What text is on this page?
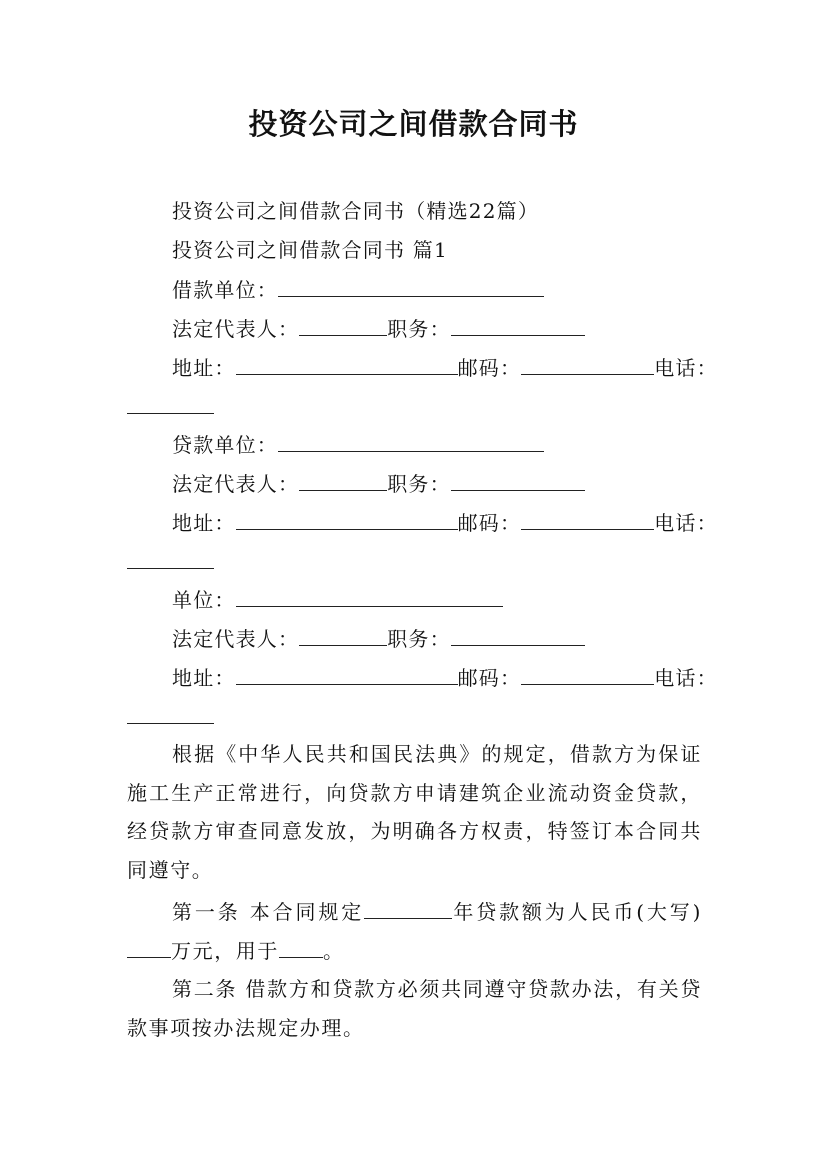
投资公司之间借款合同书
投资公司之间借款合同书（精选22篇）
投资公司之间借款合同书 篇1
借款单位：
法定代表人：	职务：
地址：	邮码：	电话：
贷款单位：
法定代表人：	职务：
地址：	邮码：	电话：
单位：
法定代表人：	职务：
地址：	邮码：	电话：
根据《中华人民共和国民法典》的规定，借款方为保证施工生产正常进行，向贷款方申请建筑企业流动资金贷款，经贷款方审查同意发放，为明确各方权责，特签订本合同共同遵守。
第一条 本合同规定	年贷款额为人民币(大写)万元，用于 。
第二条 借款方和贷款方必须共同遵守贷款办法，有关贷款事项按办法规定办理。
